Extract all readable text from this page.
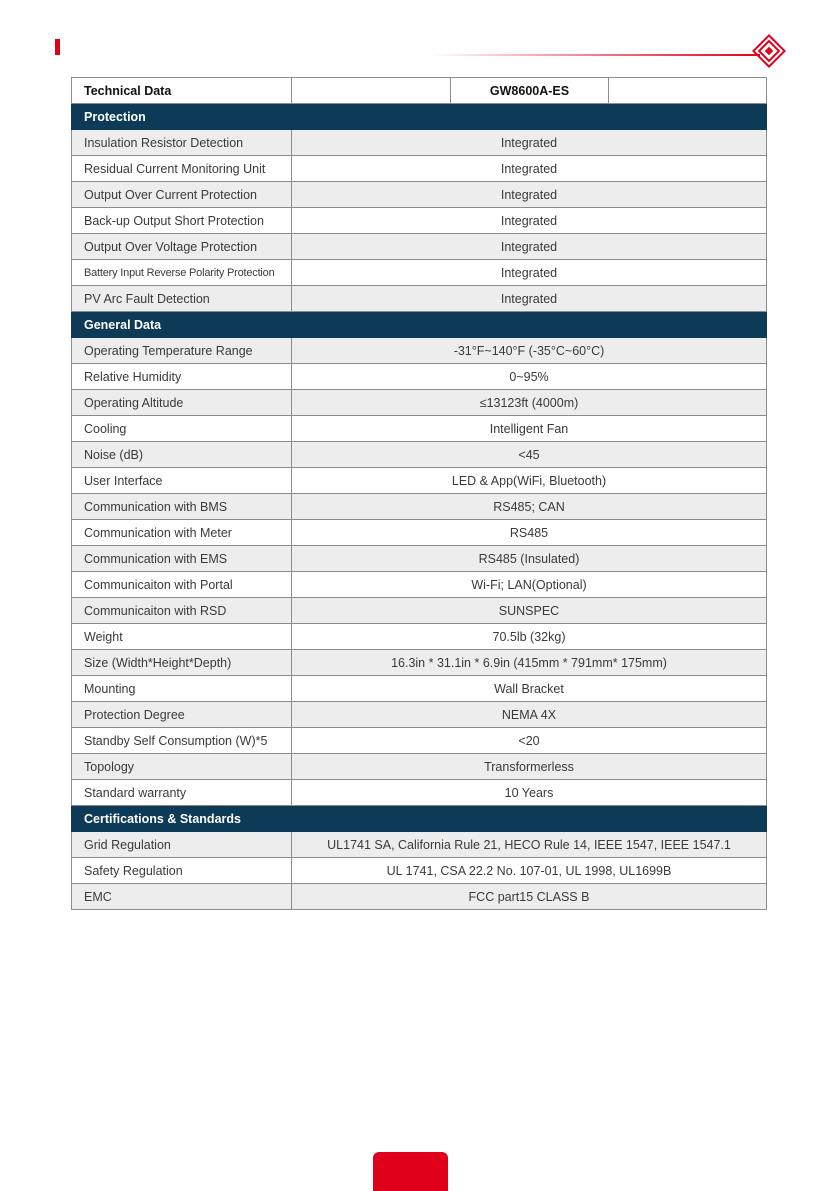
Technical Data		GW8600A-ES	
Protection			
Insulation Resistor Detection	Integrated		
Residual Current Monitoring Unit	Integrated		
Output Over Current Protection	Integrated		
Back-up Output Short Protection	Integrated		
Output Over Voltage Protection	Integrated		
Battery Input Reverse Polarity Protection	Integrated		
PV Arc Fault Detection	Integrated		
General Data			
Operating Temperature Range	-31°F~140°F (-35°C~60°C)		
Relative Humidity	0~95%		
Operating Altitude	≤13123ft (4000m)		
Cooling	Intelligent Fan		
Noise (dB)	<45		
User Interface	LED & App(WiFi, Bluetooth)		
Communication with BMS	RS485; CAN		
Communication with Meter	RS485		
Communication with EMS	RS485 (Insulated)		
Communicaiton with Portal	Wi-Fi; LAN(Optional)		
Communicaiton with RSD	SUNSPEC		
Weight	70.5lb (32kg)		
Size (Width*Height*Depth)	16.3in * 31.1in * 6.9in (415mm * 791mm* 175mm)		
Mounting	Wall Bracket		
Protection Degree	NEMA 4X		
Standby Self Consumption (W)*5	<20		
Topology	Transformerless		
Standard warranty	10 Years		
Certifications & Standards			
Grid Regulation	UL1741 SA, California Rule 21, HECO Rule 14, IEEE 1547, IEEE 1547.1		
Safety Regulation	UL 1741, CSA 22.2 No. 107-01, UL 1998, UL1699B		
EMC	FCC part15 CLASS B		
